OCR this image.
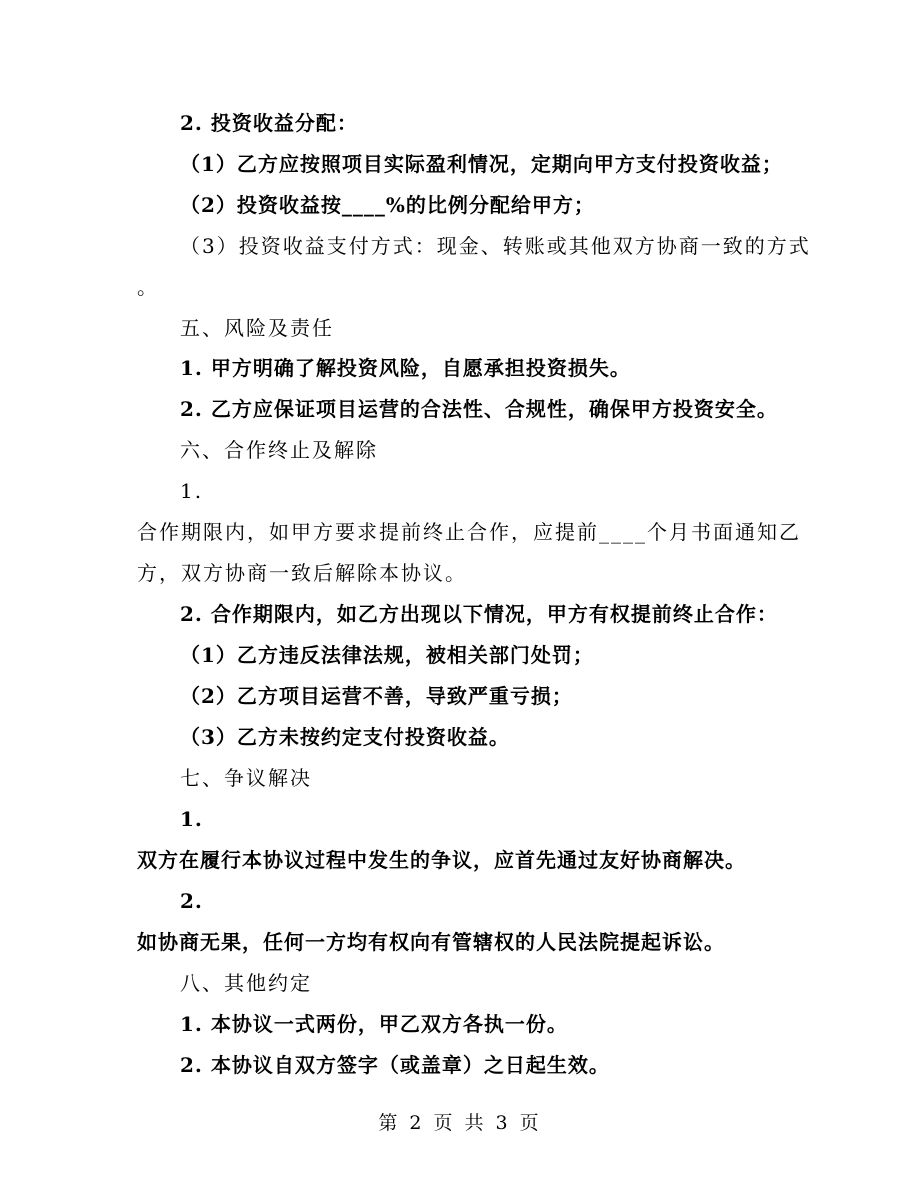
2. 投资收益分配：
（1）乙方应按照项目实际盈利情况，定期向甲方支付投资收益；
（2）投资收益按____%的比例分配给甲方；
（3）投资收益支付方式：现金、转账或其他双方协商一致的方式
。
五、风险及责任
1. 甲方明确了解投资风险，自愿承担投资损失。
2. 乙方应保证项目运营的合法性、合规性，确保甲方投资安全。
六、合作终止及解除
1.
合作期限内，如甲方要求提前终止合作，应提前____个月书面通知乙
方，双方协商一致后解除本协议。
2. 合作期限内，如乙方出现以下情况，甲方有权提前终止合作：
（1）乙方违反法律法规，被相关部门处罚；
（2）乙方项目运营不善，导致严重亏损；
（3）乙方未按约定支付投资收益。
七、争议解决
1.
双方在履行本协议过程中发生的争议，应首先通过友好协商解决。
2.
如协商无果，任何一方均有权向有管辖权的人民法院提起诉讼。
八、其他约定
1. 本协议一式两份，甲乙双方各执一份。
2. 本协议自双方签字（或盖章）之日起生效。
第 2 页 共 3 页
